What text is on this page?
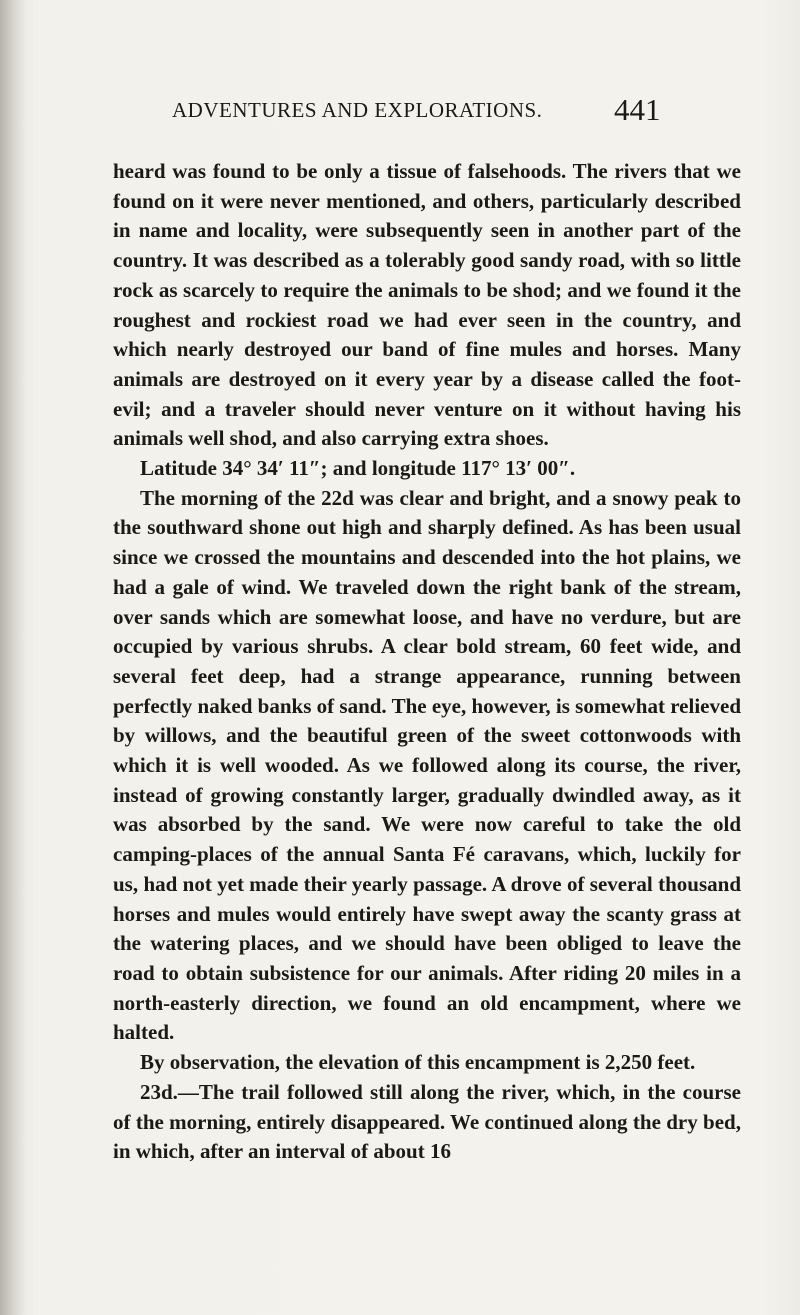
ADVENTURES AND EXPLORATIONS. 441

heard was found to be only a tissue of falsehoods. The rivers that we found on it were never mentioned, and others, particularly described in name and locality, were subsequently seen in another part of the country. It was described as a tolerably good sandy road, with so little rock as scarcely to require the animals to be shod; and we found it the roughest and rockiest road we had ever seen in the country, and which nearly destroyed our band of fine mules and horses. Many animals are destroyed on it every year by a disease called the foot-evil; and a traveler should never venture on it without having his animals well shod, and also carrying extra shoes.

Latitude 34° 34′ 11″; and longitude 117° 13′ 00″.

The morning of the 22d was clear and bright, and a snowy peak to the southward shone out high and sharply defined. As has been usual since we crossed the mountains and descended into the hot plains, we had a gale of wind. We traveled down the right bank of the stream, over sands which are somewhat loose, and have no verdure, but are occupied by various shrubs. A clear bold stream, 60 feet wide, and several feet deep, had a strange appearance, running between perfectly naked banks of sand. The eye, however, is somewhat relieved by willows, and the beautiful green of the sweet cottonwoods with which it is well wooded. As we followed along its course, the river, instead of growing constantly larger, gradually dwindled away, as it was absorbed by the sand. We were now careful to take the old camping-places of the annual Santa Fé caravans, which, luckily for us, had not yet made their yearly passage. A drove of several thousand horses and mules would entirely have swept away the scanty grass at the watering places, and we should have been obliged to leave the road to obtain subsistence for our animals. After riding 20 miles in a north-easterly direction, we found an old encampment, where we halted.

By observation, the elevation of this encampment is 2,250 feet.

23d.—The trail followed still along the river, which, in the course of the morning, entirely disappeared. We continued along the dry bed, in which, after an interval of about 16
